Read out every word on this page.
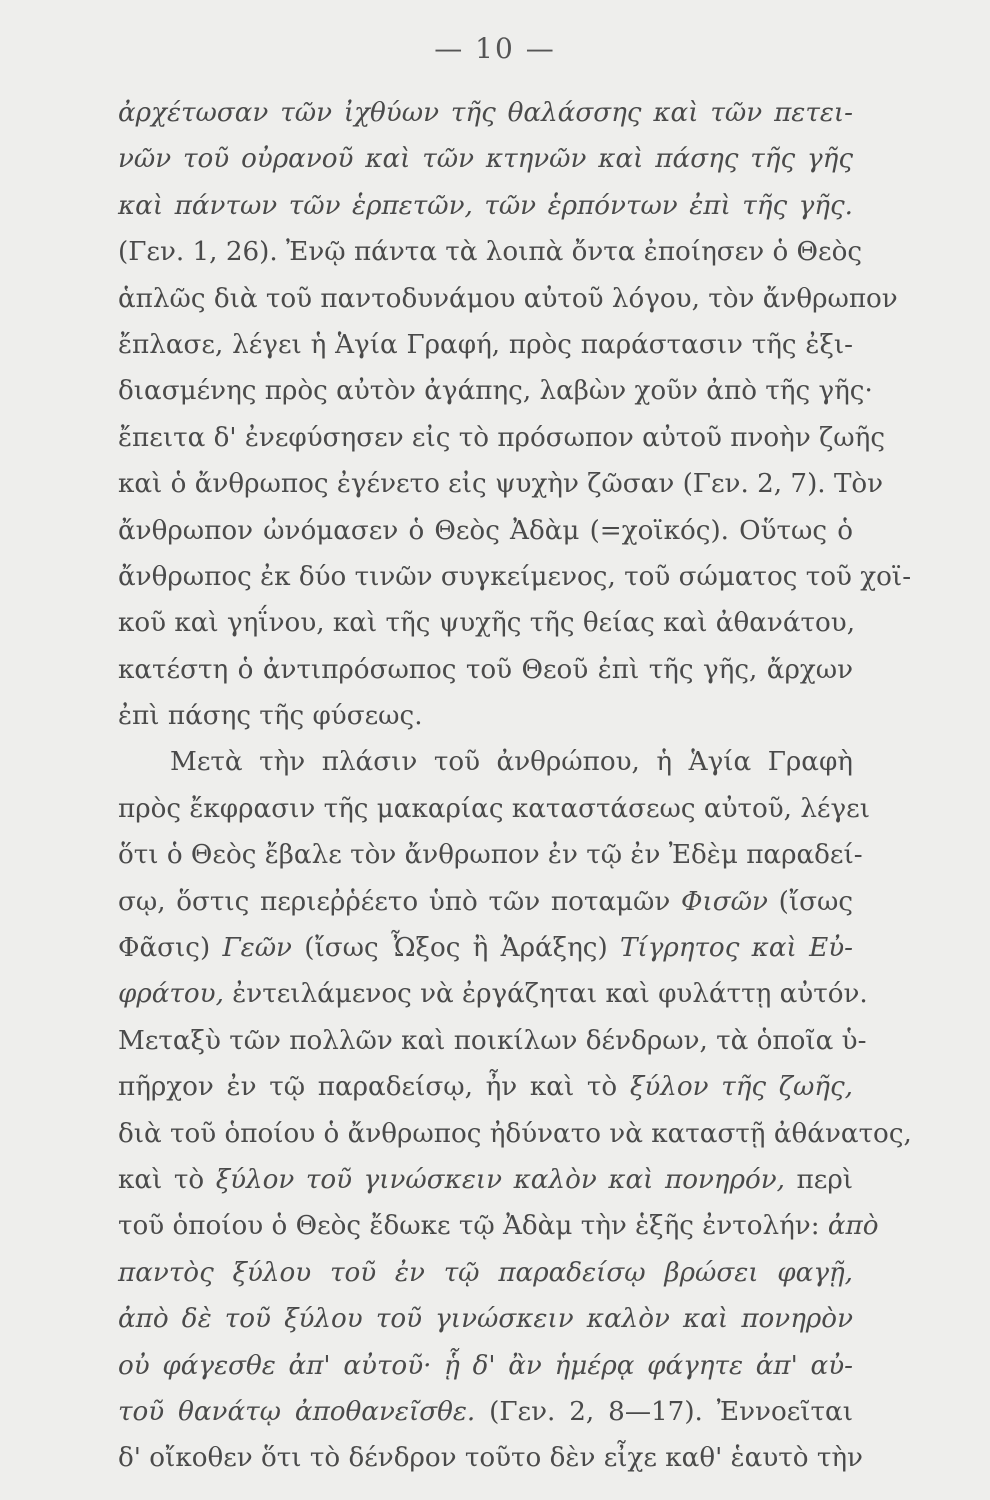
— 10 —
ἀρχέτωσαν τῶν ἰχθύων τῆς θαλάσσης καὶ τῶν πετει-
νῶν τοῦ οὐρανοῦ καὶ τῶν κτηνῶν καὶ πάσης τῆς γῆς
καὶ πάντων τῶν ἑρπετῶν, τῶν ἑρπόντων ἐπὶ τῆς γῆς.
(Γεν. 1, 26). Ἐνῷ πάντα τὰ λοιπὰ ὄντα ἐποίησεν ὁ Θεὸς
ἁπλῶς διὰ τοῦ παντοδυνάμου αὐτοῦ λόγου, τὸν ἄνθρωπον
ἔπλασε, λέγει ἡ Ἁγία Γραφή, πρὸς παράστασιν τῆς ἐξι-
διασμένης πρὸς αὐτὸν ἀγάπης, λαβὼν χοῦν ἀπὸ τῆς γῆς·
ἔπειτα δ' ἐνεφύσησεν εἰς τὸ πρόσωπον αὐτοῦ πνοὴν ζωῆς
καὶ ὁ ἄνθρωπος ἐγένετο εἰς ψυχὴν ζῶσαν (Γεν. 2, 7). Τὸν
ἄνθρωπον ὠνόμασεν ὁ Θεὸς Ἀδὰμ (=χοϊκός). Οὕτως ὁ
ἄνθρωπος ἐκ δύο τινῶν συγκείμενος, τοῦ σώματος τοῦ χοϊ-
κοῦ καὶ γηΐνου, καὶ τῆς ψυχῆς τῆς θείας καὶ ἀθανάτου,
κατέστη ὁ ἀντιπρόσωπος τοῦ Θεοῦ ἐπὶ τῆς γῆς, ἄρχων
ἐπὶ πάσης τῆς φύσεως.
Μετὰ τὴν πλάσιν τοῦ ἀνθρώπου, ἡ Ἁγία Γραφὴ
πρὸς ἔκφρασιν τῆς μακαρίας καταστάσεως αὐτοῦ, λέγει
ὅτι ὁ Θεὸς ἔβαλε τὸν ἄνθρωπον ἐν τῷ ἐν Ἐδὲμ παραδεί-
σῳ, ὅστις περιεῤῥέετο ὑπὸ τῶν ποταμῶν Φισῶν (ἴσως
Φᾶσις) Γεῶν (ἴσως Ὦξος ἢ Ἀράξης) Τίγρητος καὶ Εὐ-
φράτου, ἐντειλάμενος νὰ ἐργάζηται καὶ φυλάττῃ αὐτόν.
Μεταξὺ τῶν πολλῶν καὶ ποικίλων δένδρων, τὰ ὁποῖα ὑ-
πῆρχον ἐν τῷ παραδείσῳ, ἦν καὶ τὸ ξύλον τῆς ζωῆς,
διὰ τοῦ ὁποίου ὁ ἄνθρωπος ἠδύνατο νὰ καταστῇ ἀθάνατος,
καὶ τὸ ξύλον τοῦ γινώσκειν καλὸν καὶ πονηρόν, περὶ
τοῦ ὁποίου ὁ Θεὸς ἔδωκε τῷ Ἀδὰμ τὴν ἑξῆς ἐντολήν: ἀπὸ
παντὸς ξύλου τοῦ ἐν τῷ παραδείσῳ βρώσει φαγῇ,
ἀπὸ δὲ τοῦ ξύλου τοῦ γινώσκειν καλὸν καὶ πονηρὸν
οὐ φάγεσθε ἀπ' αὐτοῦ· ᾗ δ' ἂν ἡμέρᾳ φάγητε ἀπ' αὐ-
τοῦ θανάτῳ ἀποθανεῖσθε. (Γεν. 2, 8—17). Ἐννοεῖται
δ' οἴκοθεν ὅτι τὸ δένδρον τοῦτο δὲν εἶχε καθ' ἑαυτὸ τὴν
